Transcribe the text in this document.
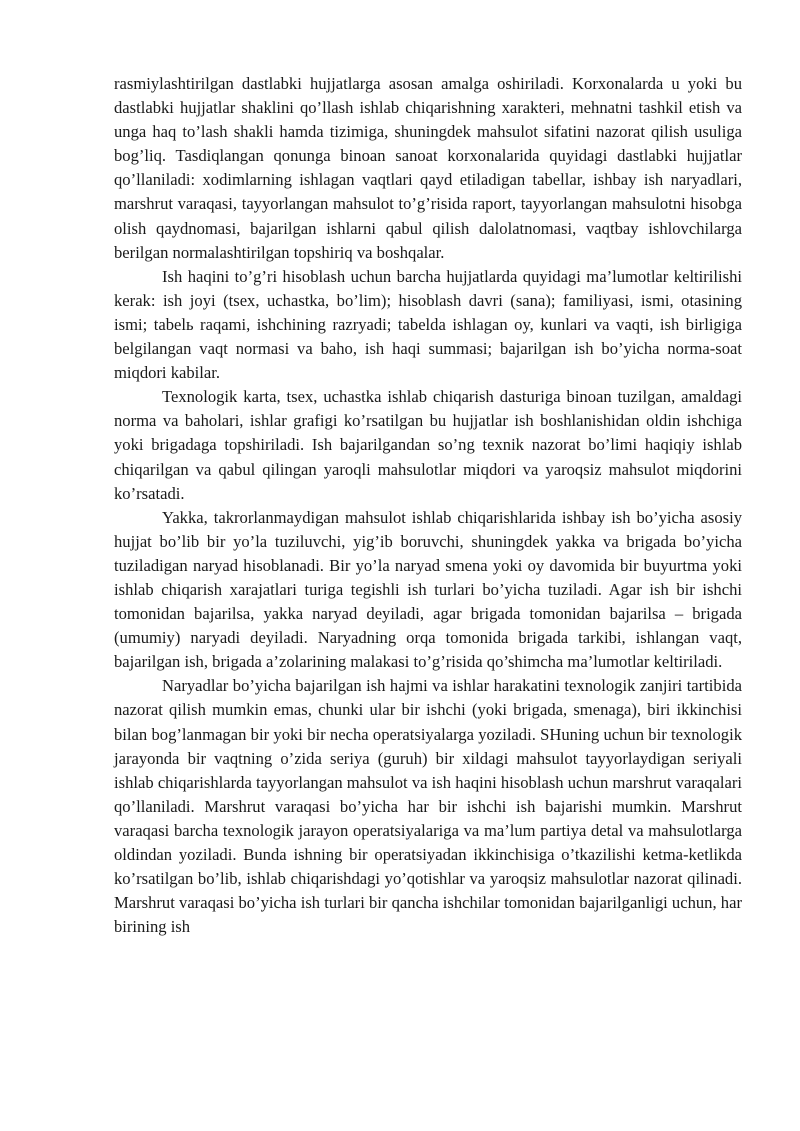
rasmiylashtirilgan dastlabki hujjatlarga asosan amalga oshiriladi. Korxonalarda u yoki bu dastlabki hujjatlar shaklini qo’llash ishlab chiqarishning xarakteri, mehnatni tashkil etish va unga haq to’lash shakli hamda tizimiga, shuningdek mahsulot sifatini nazorat qilish usuliga bog’liq. Tasdiqlangan qonunga binoan sanoat korxonalarida quyidagi dastlabki hujjatlar qo’llaniladi: xodimlarning ishlagan vaqtlari qayd etiladigan tabellar, ishbay ish naryadlari, marshrut varaqasi, tayyorlangan mahsulot to’g’risida raport, tayyorlangan mahsulotni hisobga olish qaydnomasi, bajarilgan ishlarni qabul qilish dalolatnomasi, vaqtbay ishlovchilarga berilgan normalashtirilgan topshiriq va boshqalar.

Ish haqini to’g’ri hisoblash uchun barcha hujjatlarda quyidagi ma’lumotlar keltirilishi kerak: ish joyi (tsex, uchastka, bo’lim); hisoblash davri (sana); familiyasi, ismi, otasining ismi; tabelь raqami, ishchining razryadi; tabelda ishlagan oy, kunlari va vaqti, ish birligiga belgilangan vaqt normasi va baho, ish haqi summasi; bajarilgan ish bo’yicha norma-soat miqdori kabilar.

Texnologik karta, tsex, uchastka ishlab chiqarish dasturiga binoan tuzilgan, amaldagi norma va baholari, ishlar grafigi ko’rsatilgan bu hujjatlar ish boshlanishidan oldin ishchiga yoki brigadaga topshiriladi. Ish bajarilgandan so’ng texnik nazorat bo’limi haqiqiy ishlab chiqarilgan va qabul qilingan yaroqli mahsulotlar miqdori va yaroqsiz mahsulot miqdorini ko’rsatadi.

Yakka, takrorlanmaydigan mahsulot ishlab chiqarishlarida ishbay ish bo’yicha asosiy hujjat bo’lib bir yo’la tuziluvchi, yig’ib boruvchi, shuningdek yakka va brigada bo’yicha tuziladigan naryad hisoblanadi. Bir yo’la naryad smena yoki oy davomida bir buyurtma yoki ishlab chiqarish xarajatlari turiga tegishli ish turlari bo’yicha tuziladi. Agar ish bir ishchi tomonidan bajarilsa, yakka naryad deyiladi, agar brigada tomonidan bajarilsa – brigada (umumiy) naryadi deyiladi. Naryadning orqa tomonida brigada tarkibi, ishlangan vaqt, bajarilgan ish, brigada a’zolarining malakasi to’g’risida qo’shimcha ma’lumotlar keltiriladi.

Naryadlar bo’yicha bajarilgan ish hajmi va ishlar harakatini texnologik zanjiri tartibida nazorat qilish mumkin emas, chunki ular bir ishchi (yoki brigada, smenaga), biri ikkinchisi bilan bog’lanmagan bir yoki bir necha operatsiyalarga yoziladi. SHuning uchun bir texnologik jarayonda bir vaqtning o’zida seriya (guruh) bir xildagi mahsulot tayyorlaydigan seriyali ishlab chiqarishlarda tayyorlangan mahsulot va ish haqini hisoblash uchun marshrut varaqalari qo’llaniladi. Marshrut varaqasi bo’yicha har bir ishchi ish bajarishi mumkin. Marshrut varaqasi barcha texnologik jarayon operatsiyalariga va ma’lum partiya detal va mahsulotlarga oldindan yoziladi. Bunda ishning bir operatsiyadan ikkinchisiga o’tkazilishi ketma-ketlikda ko’rsatilgan bo’lib, ishlab chiqarishdagi yo’qotishlar va yaroqsiz mahsulotlar nazorat qilinadi. Marshrut varaqasi bo’yicha ish turlari bir qancha ishchilar tomonidan bajarilganligi uchun, har birining ish
